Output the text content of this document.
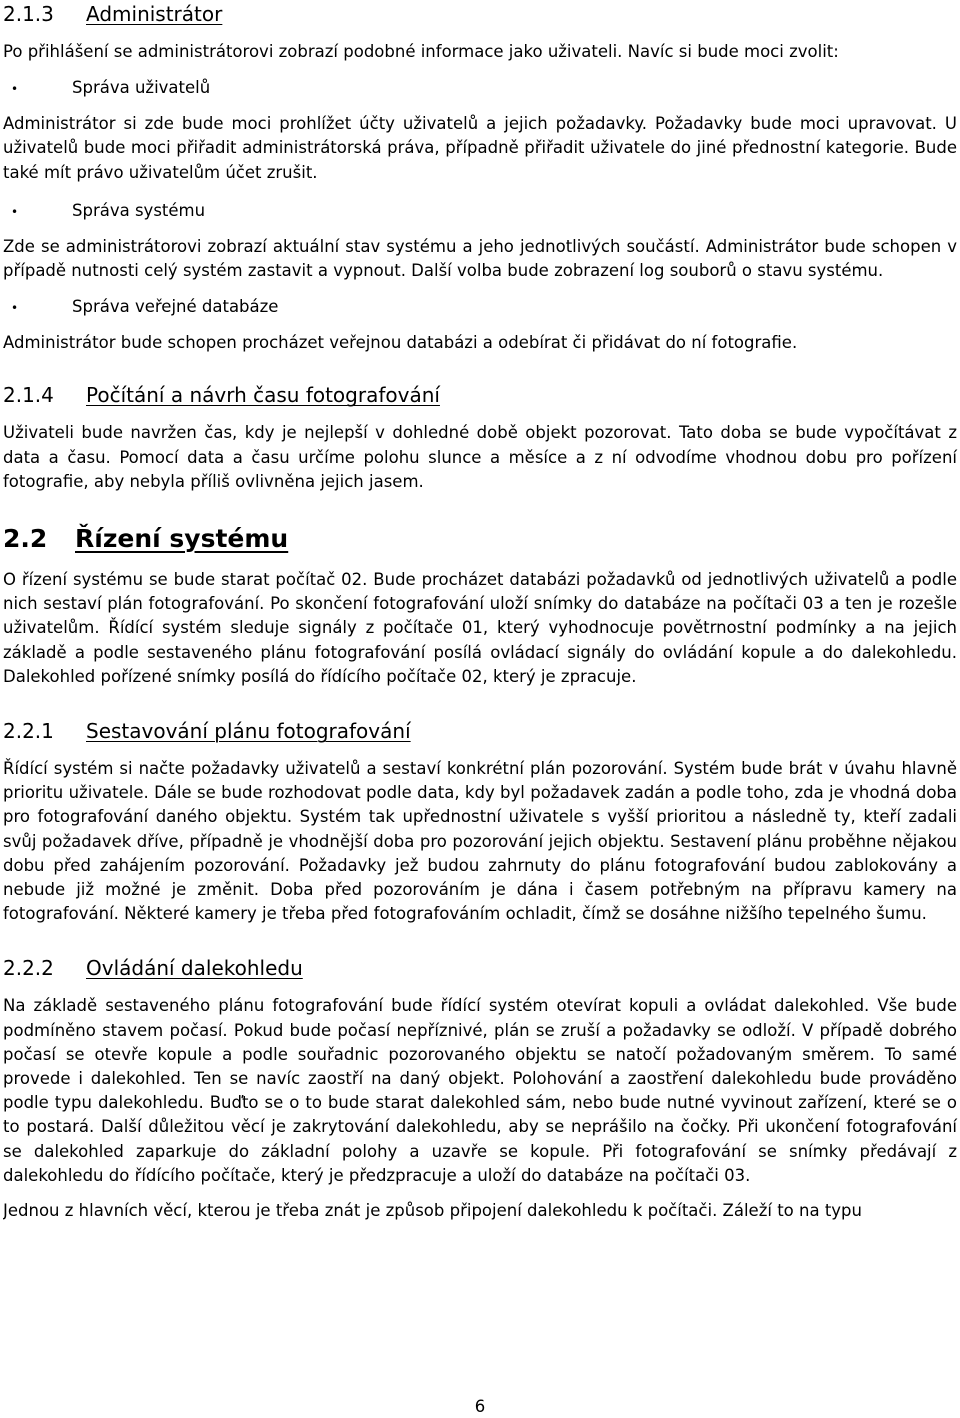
2.1.3	Administrátor

Po přihlášení se administrátorovi zobrazí podobné informace jako uživateli. Navíc si bude moci zvolit:

•	Správa uživatelů

Administrátor si zde bude moci prohlížet účty uživatelů a jejich požadavky. Požadavky bude moci upravovat. U uživatelů bude moci přiřadit administrátorská práva, případně přiřadit uživatele do jiné přednostní kategorie. Bude také mít právo uživatelům účet zrušit.

•	Správa systému

Zde se administrátorovi zobrazí aktuální stav systému a jeho jednotlivých součástí. Administrátor bude schopen v případě nutnosti celý systém zastavit a vypnout. Další volba bude zobrazení log souborů o stavu systému.

•	Správa veřejné databáze

Administrátor bude schopen procházet veřejnou databázi a odebírat či přidávat do ní fotografie.

2.1.4	Počítání a návrh času fotografování

Uživateli bude navržen čas, kdy je nejlepší v dohledné době objekt pozorovat. Tato doba se bude vypočítávat z data a času. Pomocí data a času určíme polohu slunce a měsíce a z ní odvodíme vhodnou dobu pro pořízení fotografie, aby nebyla příliš ovlivněna jejich jasem.

2.2	Řízení systému

O řízení systému se bude starat počítač 02. Bude procházet databázi požadavků od jednotlivých uživatelů a podle nich sestaví plán fotografování. Po skončení fotografování uloží snímky do databáze na počítači 03 a ten je rozešle uživatelům. Řídící systém sleduje signály z počítače 01, který vyhodnocuje povětrnostní podmínky a na jejich základě a podle sestaveného plánu fotografování posílá ovládací signály do ovládání kopule a do dalekohledu. Dalekohled pořízené snímky posílá do řídícího počítače 02, který je zpracuje.

2.2.1	Sestavování plánu fotografování

Řídící systém si načte požadavky uživatelů a sestaví konkrétní plán pozorování. Systém bude brát v úvahu hlavně prioritu uživatele. Dále se bude rozhodovat podle data, kdy byl požadavek zadán a podle toho, zda je vhodná doba pro fotografování daného objektu. Systém tak upřednostní uživatele s vyšší prioritou a následně ty, kteří zadali svůj požadavek dříve, případně je vhodnější doba pro pozorování jejich objektu. Sestavení plánu proběhne nějakou dobu před zahájením pozorování. Požadavky jež budou zahrnuty do plánu fotografování budou zablokovány a nebude již možné je změnit. Doba před pozorováním je dána i časem potřebným na přípravu kamery na fotografování. Některé kamery je třeba před fotografováním ochladit, čímž se dosáhne nižšího tepelného šumu.

2.2.2	Ovládání dalekohledu

Na základě sestaveného plánu fotografování bude řídící systém otevírat kopuli a ovládat dalekohled. Vše bude podmíněno stavem počasí. Pokud bude počasí nepříznivé, plán se zruší a požadavky se odloží. V případě dobrého počasí se otevře kopule a podle souřadnic pozorovaného objektu se natočí požadovaným směrem. To samé provede i dalekohled. Ten se navíc zaostří na daný objekt. Polohování a zaostření dalekohledu bude prováděno podle typu dalekohledu. Buďto se o to bude starat dalekohled sám, nebo bude nutné vyvinout zařízení, které se o to postará. Další důležitou věcí je zakrytování dalekohledu, aby se neprášilo na čočky. Při ukončení fotografování se dalekohled zaparkuje do základní polohy a uzavře se kopule. Při fotografování se snímky předávají z dalekohledu do řídícího počítače, který je předzpracuje a uloží do databáze na počítači 03.

Jednou z hlavních věcí, kterou je třeba znát je způsob připojení dalekohledu k počítači. Záleží to na typu

6
